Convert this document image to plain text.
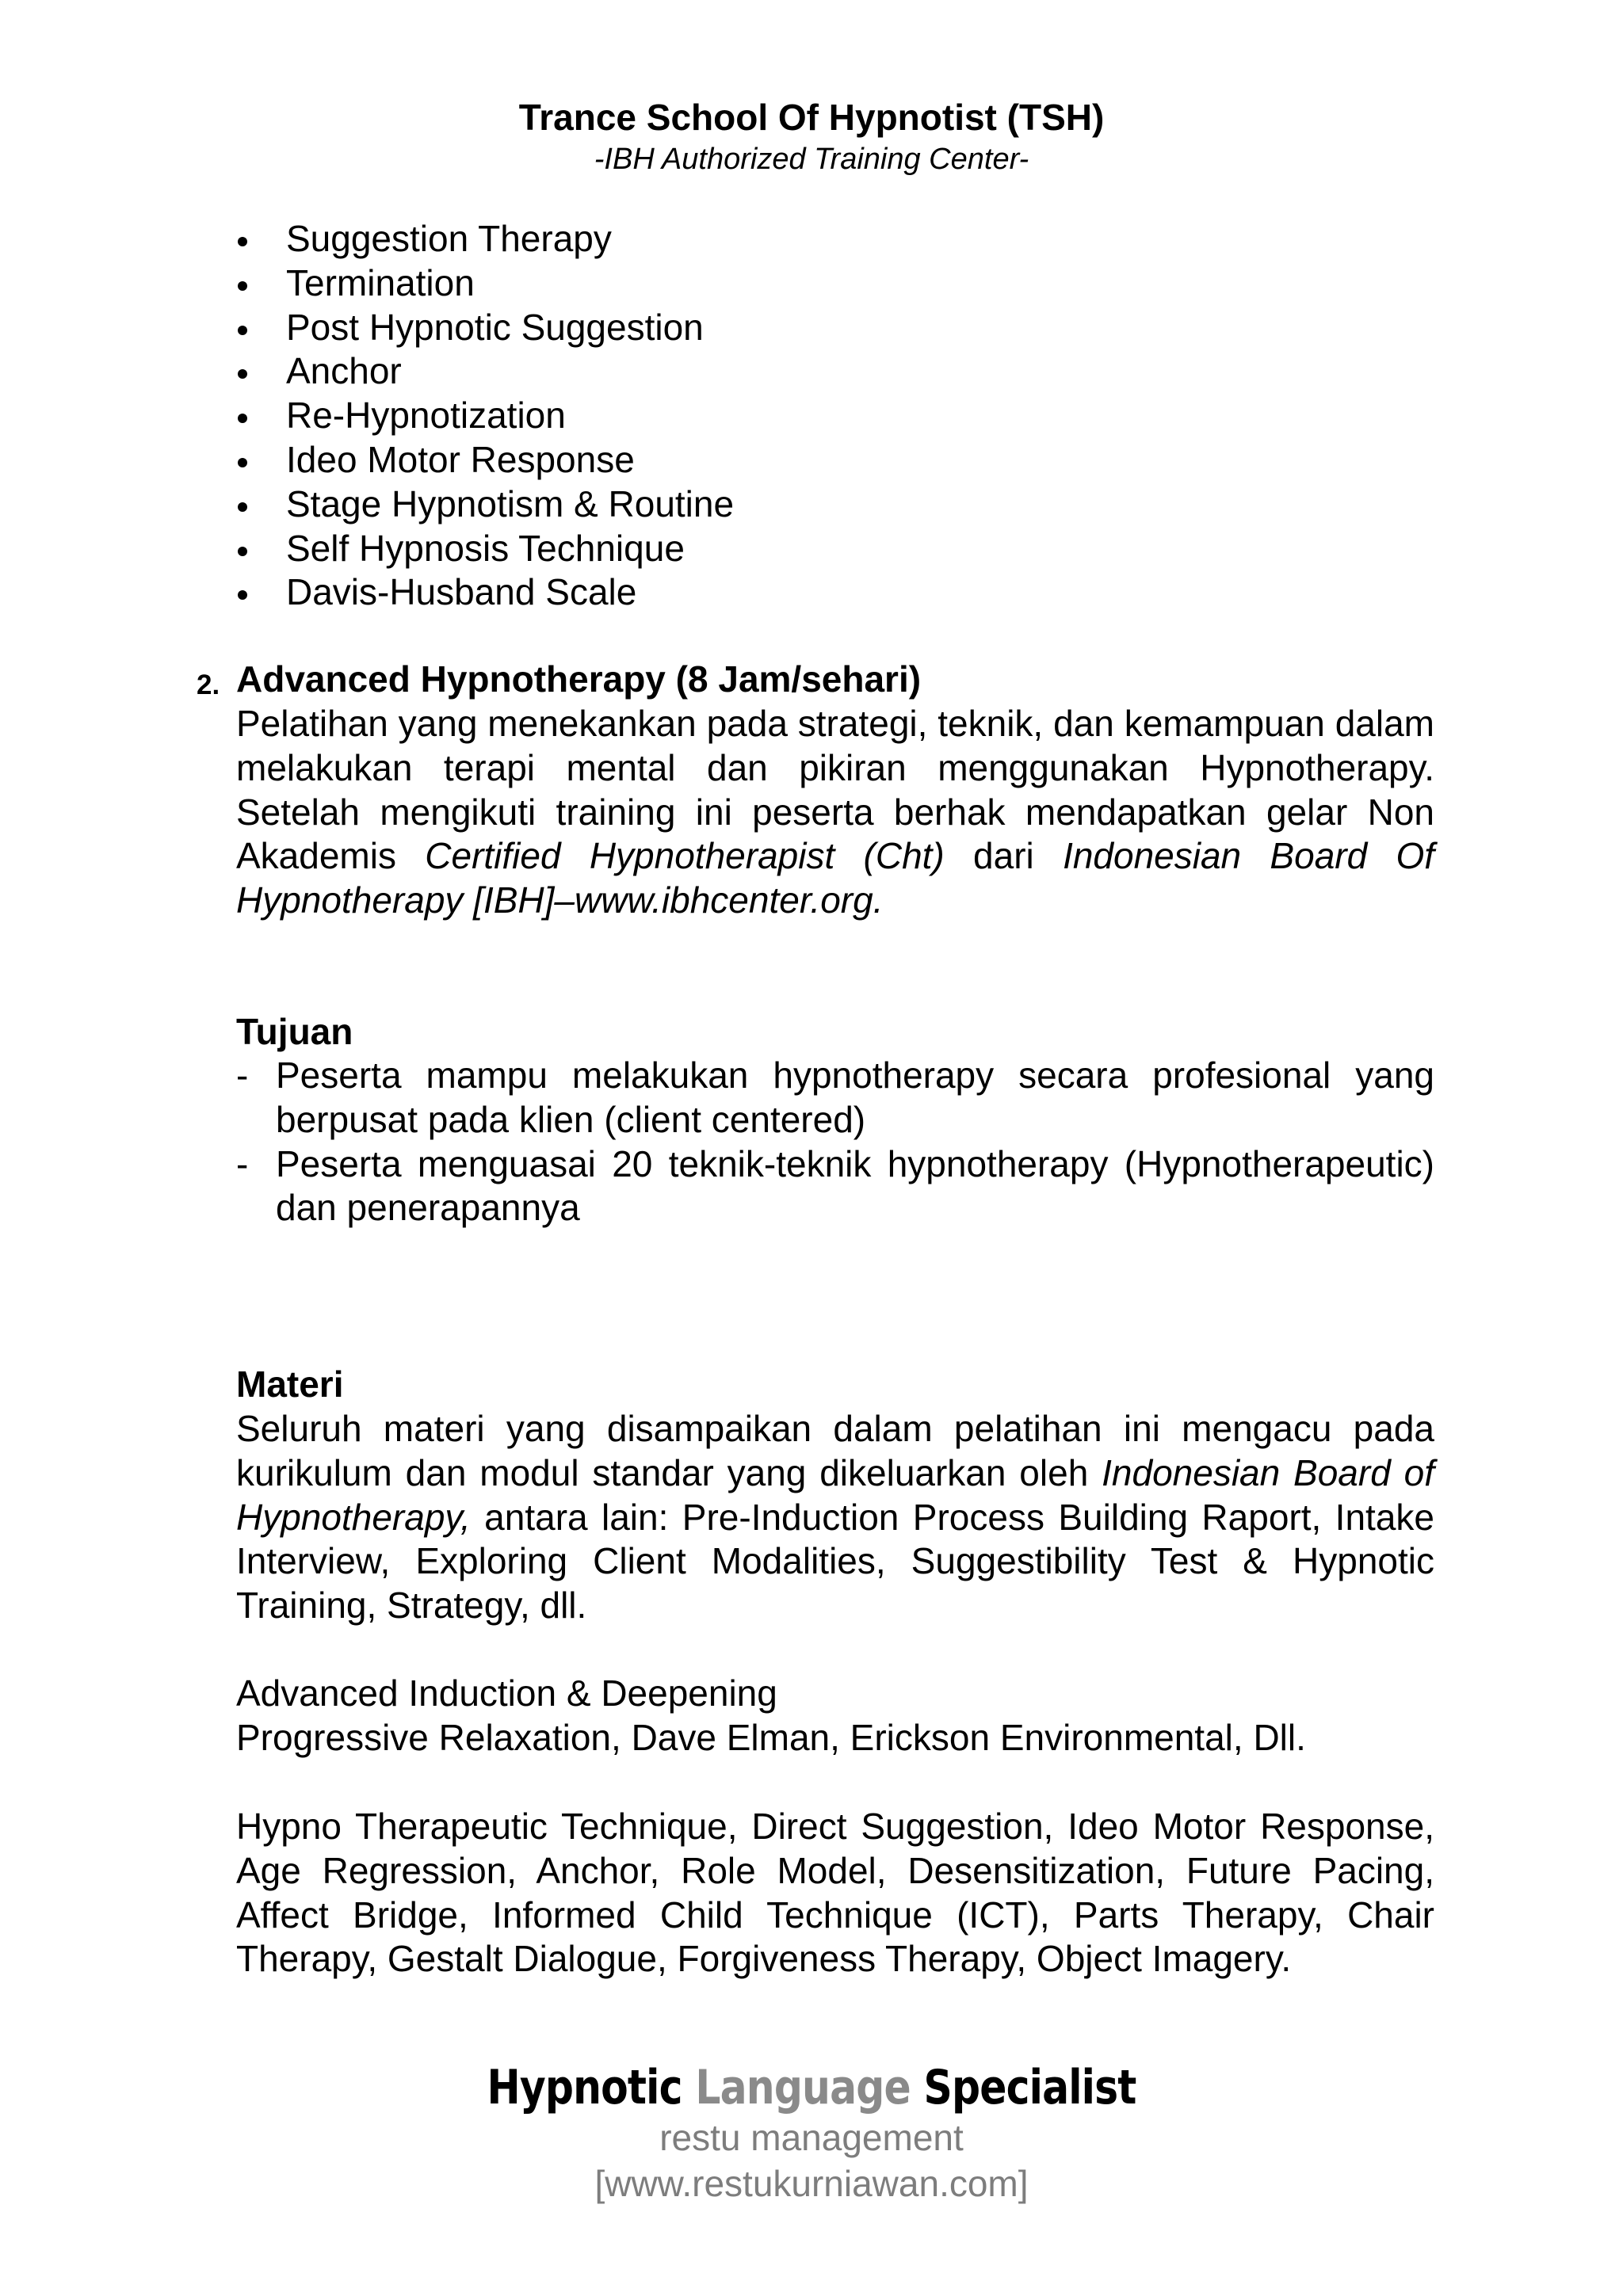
Trance School Of Hypnotist (TSH)
-IBH Authorized Training Center-
Suggestion Therapy
Termination
Post Hypnotic Suggestion
Anchor
Re-Hypnotization
Ideo Motor Response
Stage Hypnotism & Routine
Self Hypnosis Technique
Davis-Husband Scale
2. Advanced Hypnotherapy (8 Jam/sehari)
Pelatihan yang menekankan pada strategi, teknik, dan kemampuan dalam melakukan terapi mental dan pikiran menggunakan Hypnotherapy. Setelah mengikuti training ini peserta berhak mendapatkan gelar Non Akademis Certified Hypnotherapist (Cht) dari Indonesian Board Of Hypnotherapy [IBH]–www.ibhcenter.org.
Tujuan
- Peserta mampu melakukan hypnotherapy secara profesional yang berpusat pada klien (client centered)
- Peserta menguasai 20 teknik-teknik hypnotherapy (Hypnotherapeutic) dan penerapannya
Materi
Seluruh materi yang disampaikan dalam pelatihan ini mengacu pada kurikulum dan modul standar yang dikeluarkan oleh Indonesian Board of Hypnotherapy, antara lain: Pre-Induction Process Building Raport, Intake Interview, Exploring Client Modalities, Suggestibility Test & Hypnotic Training, Strategy, dll.
Advanced Induction & Deepening
Progressive Relaxation, Dave Elman, Erickson Environmental, Dll.
Hypno Therapeutic Technique, Direct Suggestion, Ideo Motor Response, Age Regression, Anchor, Role Model, Desensitization, Future Pacing, Affect Bridge, Informed Child Technique (ICT), Parts Therapy, Chair Therapy, Gestalt Dialogue, Forgiveness Therapy, Object Imagery.
Hypnotic Language Specialist
restu management
[www.restukurniawan.com]
